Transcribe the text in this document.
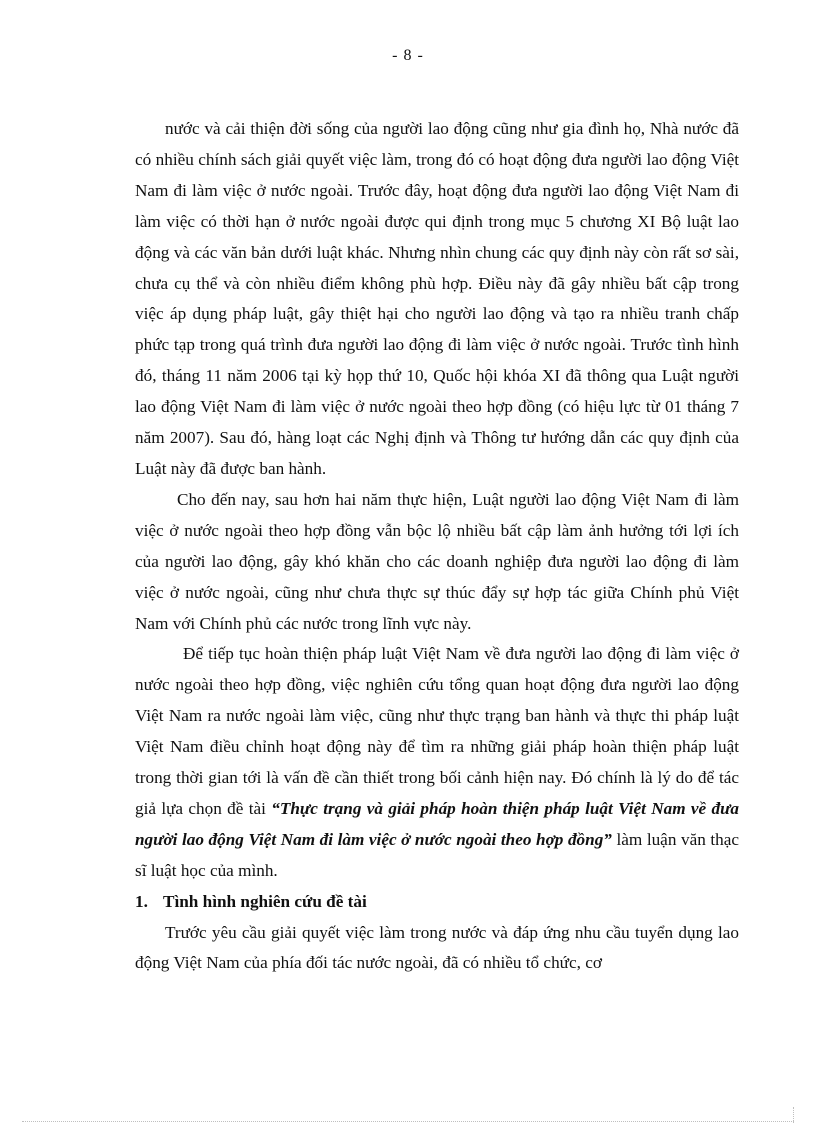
- 8 -

nước và cải thiện đời sống của người lao động cũng như gia đình họ, Nhà nước đã có nhiều chính sách giải quyết việc làm, trong đó có hoạt động đưa người lao động Việt Nam đi làm việc ở nước ngoài. Trước đây, hoạt động đưa người lao động Việt Nam đi làm việc có thời hạn ở nước ngoài được qui định trong mục 5 chương XI Bộ luật lao động và các văn bản dưới luật khác. Nhưng nhìn chung các quy định này còn rất sơ sài, chưa cụ thể và còn nhiều điểm không phù hợp. Điều này đã gây nhiều bất cập trong việc áp dụng pháp luật, gây thiệt hại cho người lao động và tạo ra nhiều tranh chấp phức tạp trong quá trình đưa người lao động đi làm việc ở nước ngoài. Trước tình hình đó, tháng 11 năm 2006 tại kỳ họp thứ 10, Quốc hội khóa XI đã thông qua Luật người lao động Việt Nam đi làm việc ở nước ngoài theo hợp đồng (có hiệu lực từ 01 tháng 7 năm 2007). Sau đó, hàng loạt các Nghị định và Thông tư hướng dẫn các quy định của Luật này đã được ban hành.

Cho đến nay, sau hơn hai năm thực hiện, Luật người lao động Việt Nam đi làm việc ở nước ngoài theo hợp đồng vẫn bộc lộ nhiều bất cập làm ảnh hưởng tới lợi ích của người lao động, gây khó khăn cho các doanh nghiệp đưa người lao động đi làm việc ở nước ngoài, cũng như chưa thực sự thúc đẩy sự hợp tác giữa Chính phủ Việt Nam với Chính phủ các nước trong lĩnh vực này.

Để tiếp tục hoàn thiện pháp luật Việt Nam về đưa người lao động đi làm việc ở nước ngoài theo hợp đồng, việc nghiên cứu tổng quan hoạt động đưa người lao động Việt Nam ra nước ngoài làm việc, cũng như thực trạng ban hành và thực thi pháp luật Việt Nam điều chỉnh hoạt động này để tìm ra những giải pháp hoàn thiện pháp luật trong thời gian tới là vấn đề cần thiết trong bối cảnh hiện nay. Đó chính là lý do để tác giả lựa chọn đề tài “Thực trạng và giải pháp hoàn thiện pháp luật Việt Nam về đưa người lao động Việt Nam đi làm việc ở nước ngoài theo hợp đồng” làm luận văn thạc sĩ luật học của mình.

1. Tình hình nghiên cứu đề tài

Trước yêu cầu giải quyết việc làm trong nước và đáp ứng nhu cầu tuyển dụng lao động Việt Nam của phía đối tác nước ngoài, đã có nhiều tổ chức, cơ
